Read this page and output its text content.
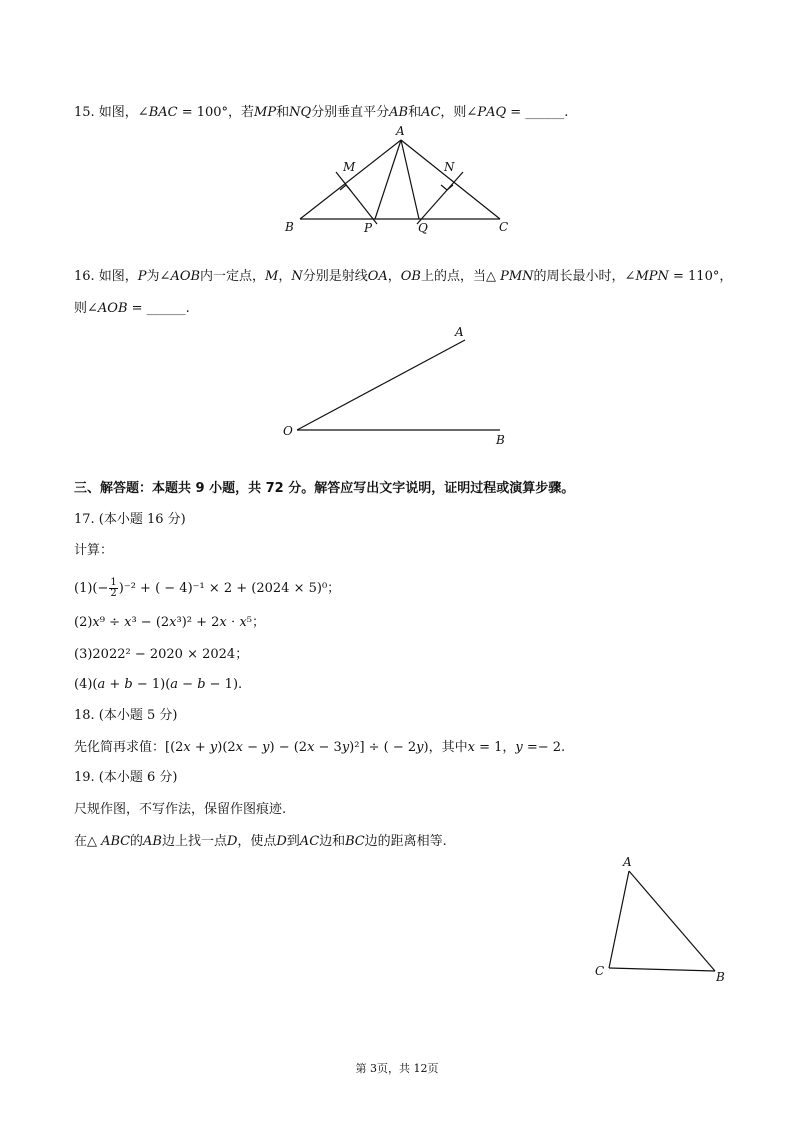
15. 如图，∠𝐵𝐴𝐶 = 100°，若𝑀𝑃和𝑁𝑄分别垂直平分𝐴𝐵和𝐴𝐶，则∠𝑃𝐴𝑄 = ______.
A
B	C
M	N
P	Q
16. 如图，𝑃为∠𝐴𝑂𝐵内一定点，𝑀，𝑁分别是射线𝑂𝐴，𝑂𝐵上的点，当△ 𝑃𝑀𝑁的周长最小时，∠𝑀𝑃𝑁 = 110°，
则∠𝐴𝑂𝐵 = ______.
A
O
B
三、解答题：本题共 9 小题，共 72 分。解答应写出文字说明，证明过程或演算步骤。
17. (本小题 16 分)
计算：
$(1)(- \frac{1}{2} )^{-2}$ + ( − 4)⁻¹ × 2 + (2024 × 5)⁰；
(2)𝑥⁹ ÷ 𝑥³ − (2𝑥³)² + 2𝑥 ⋅ 𝑥⁵；
(3)2022² − 2020 × 2024；
(4)(𝑎 + 𝑏 − 1)(𝑎 − 𝑏 − 1).
18. (本小题 5 分)
先化简再求值：[(2𝑥 + 𝑦)(2𝑥 − 𝑦) − (2𝑥 − 3𝑦)²] ÷ ( − 2𝑦)，其中𝑥 = 1，𝑦 =− 2.
19. (本小题 6 分)
尺规作图，不写作法，保留作图痕迹.
在△ 𝐴𝐵𝐶的𝐴𝐵边上找一点𝐷，使点𝐷到𝐴𝐶边和𝐵𝐶边的距离相等.
A
C	B
第 3页，共 12页
